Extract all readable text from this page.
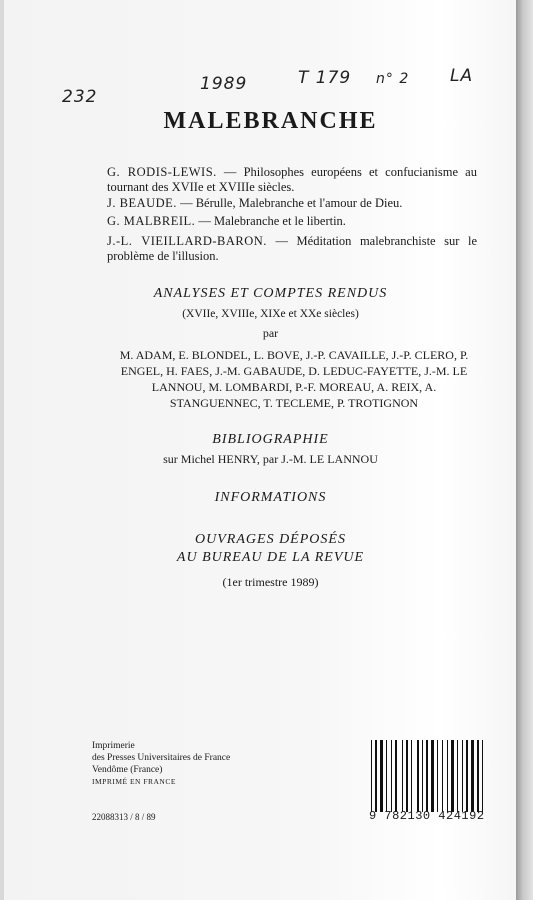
232
1989	T 179 n° 2 LA
MALEBRANCHE
G. RODIS-LEWIS. — Philosophes européens et confucianisme au tournant des XVIIe et XVIIIe siècles.
J. BEAUDE. — Bérulle, Malebranche et l'amour de Dieu.
G. MALBREIL. — Malebranche et le libertin.
J.-L. VIEILLARD-BARON. — Méditation malebranchiste sur le problème de l'illusion.
ANALYSES ET COMPTES RENDUS
(XVIIe, XVIIIe, XIXe et XXe siècles)
par
M. ADAM, E. BLONDEL, L. BOVE, J.-P. CAVAILLE, J.-P. CLERO, P. ENGEL, H. FAES, J.-M. GABAUDE, D. LEDUC-FAYETTE, J.-M. LE LANNOU, M. LOMBARDI, P.-F. MOREAU, A. REIX, A. STANGUENNEC, T. TECLEME, P. TROTIGNON
BIBLIOGRAPHIE
sur Michel HENRY, par J.-M. LE LANNOU
INFORMATIONS
OUVRAGES DÉPOSÉS
AU BUREAU DE LA REVUE
(1er trimestre 1989)
Imprimerie
des Presses Universitaires de France
Vendôme (France)
IMPRIMÉ EN FRANCE
22088313 / 8 / 89	9 782130 424192
